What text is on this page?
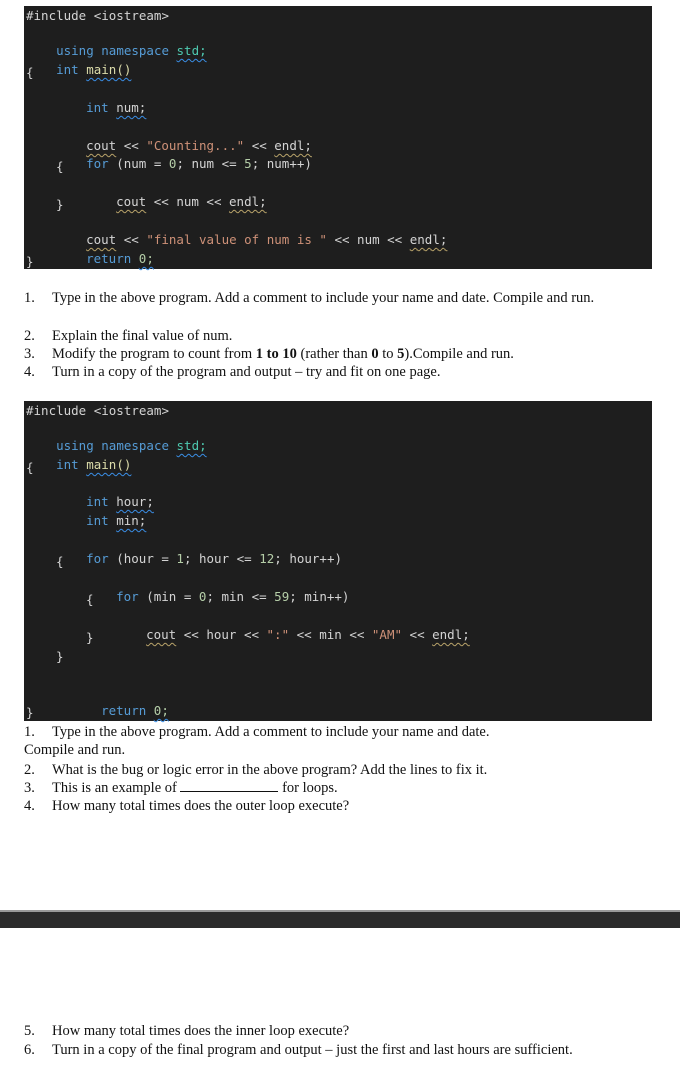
#include <iostream>

using namespace std;

int main()

{

int num;

cout << "Counting..." << endl;

for (num = 0; num <= 5; num++)

{

cout << num << endl;

}

cout << "final value of num is " << num << endl;

return 0;

}
1. Type in the above program. Add a comment to include your name and date. Compile and run.
2. Explain the final value of num.
3. Modify the program to count from 1 to 10 (rather than 0 to 5).Compile and run.
4. Turn in a copy of the program and output – try and fit on one page.
#include <iostream>

using namespace std;

int main()

{

int hour;

int min;

for (hour = 1; hour <= 12; hour++)

{

for (min = 0; min <= 59; min++)

{

cout << hour << ":" << min << "AM" << endl;

}
}

return 0;

}
1. Type in the above program. Add a comment to include your name and date.
Compile and run.
2. What is the bug or logic error in the above program? Add the lines to fix it.
3. This is an example of	for loops.
4. How many total times does the outer loop execute?
5. How many total times does the inner loop execute?
6. Turn in a copy of the final program and output – just the first and last hours are sufficient.
